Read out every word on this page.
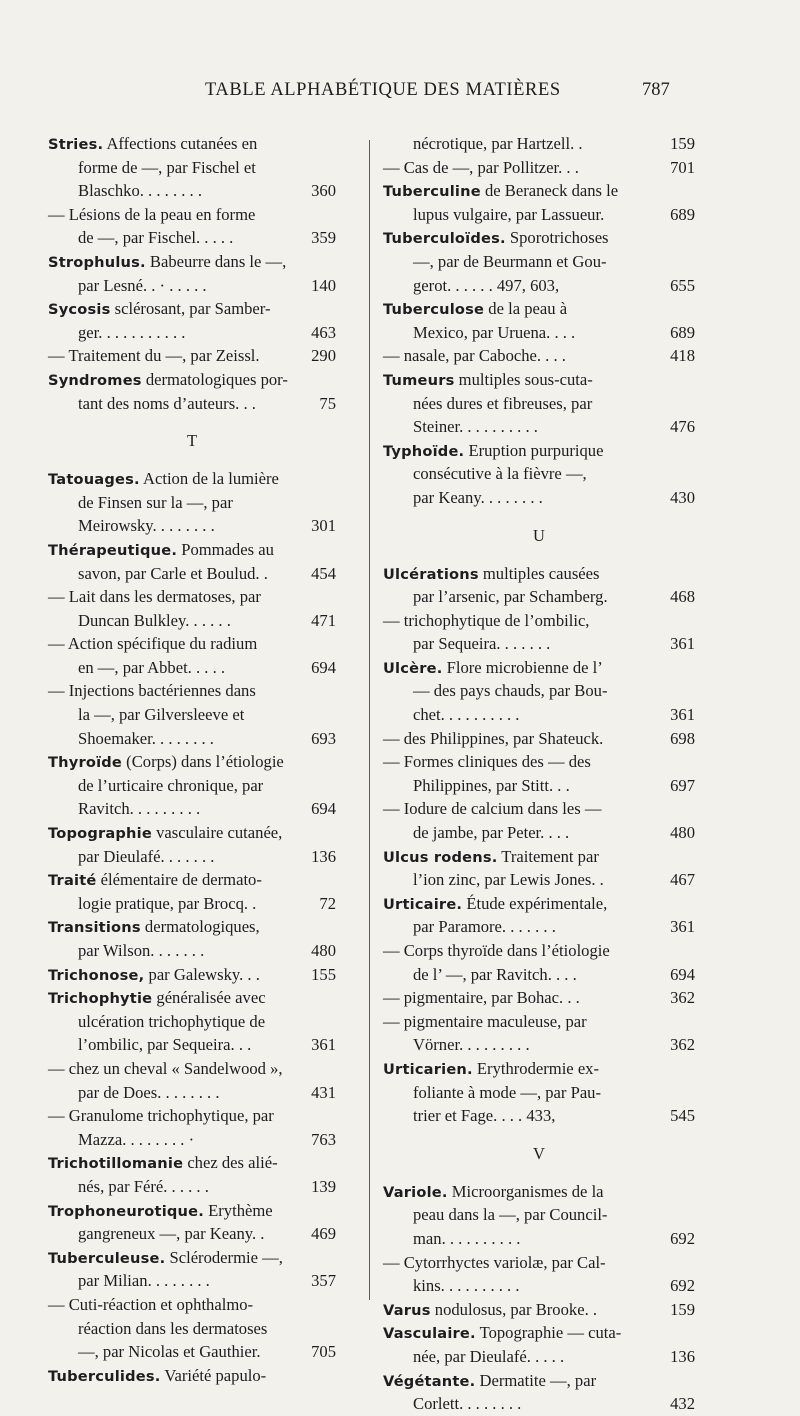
TABLE ALPHABÉTIQUE DES MATIÈRES	787
Stries. Affections cutanées en
forme de —, par Fischel et
Blaschko. . . . . . . .	360
— Lésions de la peau en forme
de —, par Fischel. . . . .	359
Strophulus. Babeurre dans le —,
par Lesné. . · . . . . .	140
Sycosis sclérosant, par Samber-
ger. . . . . . . . . . .	463
— Traitement du —, par Zeissl.	290
Syndromes dermatologiques por-
tant des noms d’auteurs. . .	75
T
Tatouages. Action de la lumière
de Finsen sur la —, par
Meirowsky. . . . . . . .	301
Thérapeutique. Pommades au
savon, par Carle et Boulud. .	454
— Lait dans les dermatoses, par
Duncan Bulkley. . . . . .	471
— Action spécifique du radium
en —, par Abbet. . . . .	694
— Injections bactériennes dans
la —, par Gilversleeve et
Shoemaker. . . . . . . .	693
Thyroïde (Corps) dans l’étiologie
de l’urticaire chronique, par
Ravitch. . . . . . . . .	694
Topographie vasculaire cutanée,
par Dieulafé. . . . . . .	136
Traité élémentaire de dermato-
logie pratique, par Brocq. .	72
Transitions dermatologiques,
par Wilson. . . . . . .	480
Trichonose, par Galewsky. . .	155
Trichophytie généralisée avec
ulcération trichophytique de
l’ombilic, par Sequeira. . .	361
— chez un cheval « Sandelwood »,
par de Does. . . . . . . .	431
— Granulome trichophytique, par
Mazza. . . . . . . . ·	763
Trichotillomanie chez des alié-
nés, par Féré. . . . . .	139
Trophoneurotique. Erythème
gangreneux —, par Keany. .	469
Tuberculeuse. Sclérodermie —,
par Milian. . . . . . . .	357
— Cuti-réaction et ophthalmo-
réaction dans les dermatoses
—, par Nicolas et Gauthier.	705
Tuberculides. Variété papulo-
nécrotique, par Hartzell. .	159
— Cas de —, par Pollitzer. . .	701
Tuberculine de Beraneck dans le
lupus vulgaire, par Lassueur.	689
Tuberculoïdes. Sporotrichoses
—, par de Beurmann et Gou-
gerot. . . . . . 497, 603,	655
Tuberculose de la peau à
Mexico, par Uruena. . . .	689
— nasale, par Caboche. . . .	418
Tumeurs multiples sous-cuta-
nées dures et fibreuses, par
Steiner. . . . . . . . . .	476
Typhoïde. Eruption purpurique
consécutive à la fièvre —,
par Keany. . . . . . . .	430
U
Ulcérations multiples causées
par l’arsenic, par Schamberg.	468
— trichophytique de l’ombilic,
par Sequeira. . . . . . .	361
Ulcère. Flore microbienne de l’
— des pays chauds, par Bou-
chet. . . . . . . . . .	361
— des Philippines, par Shateuck.	698
— Formes cliniques des — des
Philippines, par Stitt. . .	697
— Iodure de calcium dans les —
de jambe, par Peter. . . .	480
Ulcus rodens. Traitement par
l’ion zinc, par Lewis Jones. .	467
Urticaire. Étude expérimentale,
par Paramore. . . . . . .	361
— Corps thyroïde dans l’étiologie
de l’ —, par Ravitch. . . .	694
— pigmentaire, par Bohac. . .	362
— pigmentaire maculeuse, par
Vörner. . . . . . . . .	362
Urticarien. Erythrodermie ex-
foliante à mode —, par Pau-
trier et Fage. . . . 433,	545
V
Variole. Microorganismes de la
peau dans la —, par Council-
man. . . . . . . . . .	692
— Cytorrhyctes variolæ, par Cal-
kins. . . . . . . . . .	692
Varus nodulosus, par Brooke. .	159
Vasculaire. Topographie — cuta-
née, par Dieulafé. . . . .	136
Végétante. Dermatite —, par
Corlett. . . . . . . .	432
